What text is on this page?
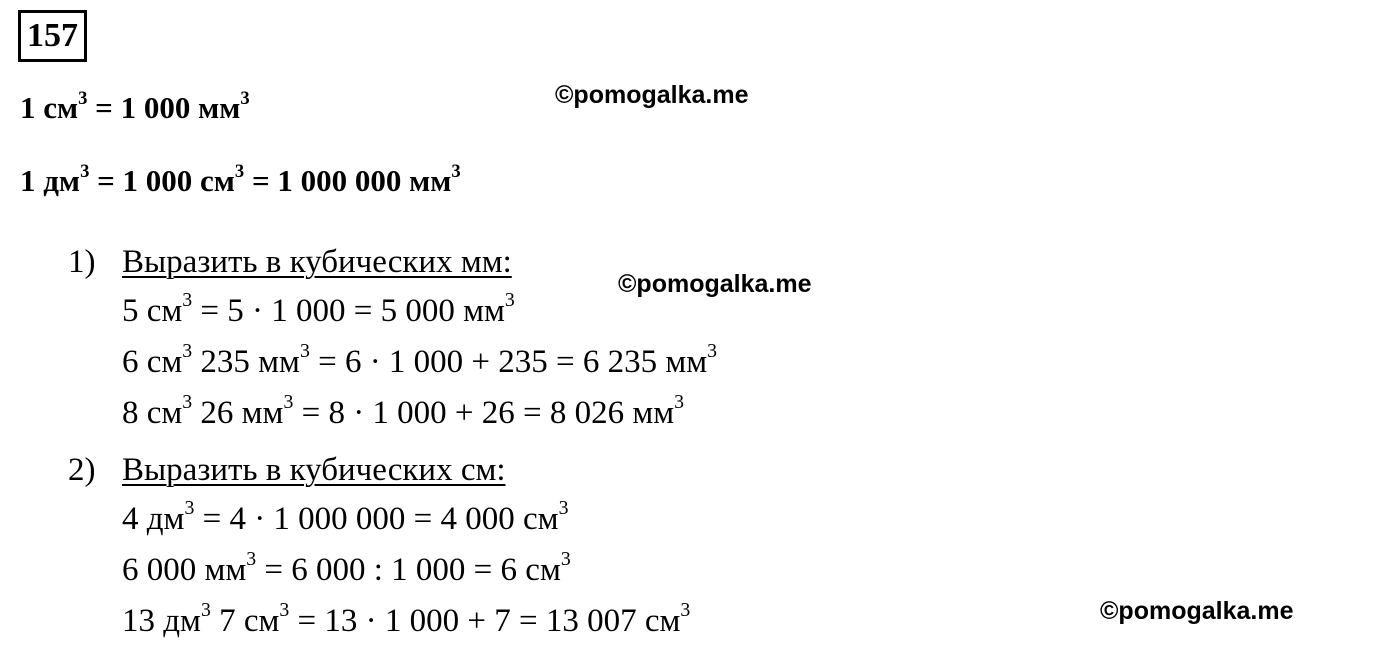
157
1 $см^3 = 1$ 000 $мм^3$
1 $дм^3 = 1$ 000 $см^3 = 1$ 000 000 $мм^3$
©pomogalka.me
©pomogalka.me
©pomogalka.me
1) Выразить в кубических мм:
5 $см^3 = 5 \cdot 1$ 000 = 5 000 $мм^3$
6 $см^3$ 235 $мм^3 = 6 \cdot 1$ 000 + 235 = 6 235 $мм^3$
8 $см^3$ 26 $мм^3 = 8 \cdot 1$ 000 + 26 = 8 026 $мм^3$
2) Выразить в кубических см:
4 $дм^3 = 4 \cdot 1$ 000 000 = 4 000 $см^3$
6 000 $мм^3 = 6$ 000 : 1 000 = 6 $см^3$
13 $дм^3$ 7 $см^3 = 13 \cdot 1$ 000 + 7 = 13 007 $см^3$
